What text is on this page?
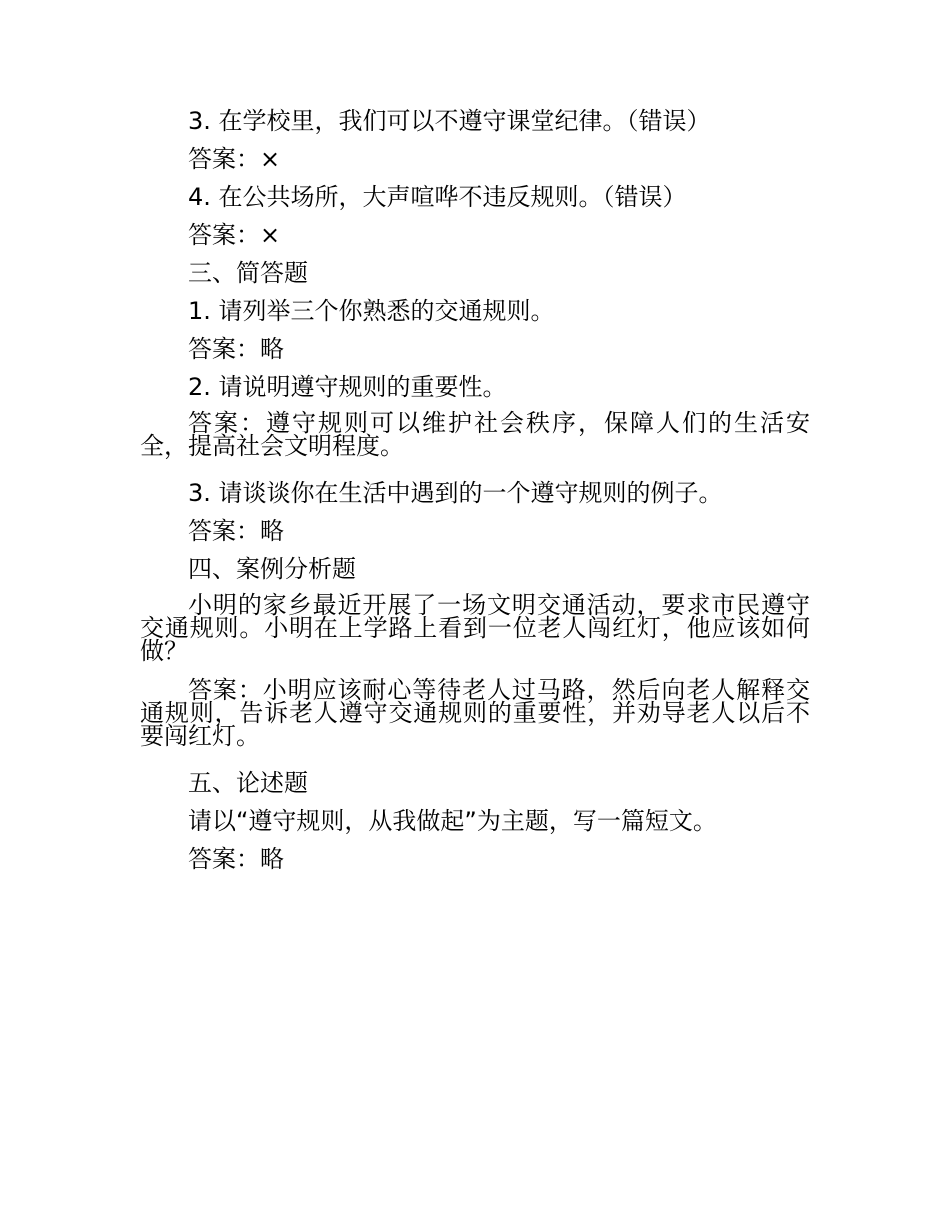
3. 在学校里，我们可以不遵守课堂纪律。（错误）

答案：×

4. 在公共场所，大声喧哗不违反规则。（错误）

答案：×

三、简答题

1. 请列举三个你熟悉的交通规则。

答案：略

2. 请说明遵守规则的重要性。

答案：遵守规则可以维护社会秩序，保障人们的生活安全，提高社会文明程度。

3. 请谈谈你在生活中遇到的一个遵守规则的例子。

答案：略

四、案例分析题

小明的家乡最近开展了一场文明交通活动，要求市民遵守交通规则。小明在上学路上看到一位老人闯红灯，他应该如何做？

答案：小明应该耐心等待老人过马路，然后向老人解释交通规则，告诉老人遵守交通规则的重要性，并劝导老人以后不要闯红灯。

五、论述题

请以“遵守规则，从我做起”为主题，写一篇短文。

答案：略
